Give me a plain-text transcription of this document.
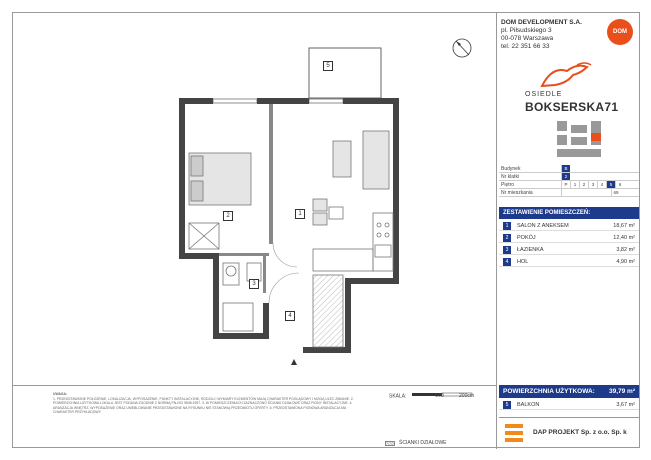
1
2
3
4
5
UWAGA:
1. PRZEDSTAWIONE POŁOŻENIE, LOKALIZACJA, WYPOSAŻENIE, PUNKTY INSTALACYJNE, RODZAJ I WYMIARY ELEMENTÓW MAJĄ CHARAKTER POGLĄDOWY I MOGĄ ULEC ZMIANIE. 2. POWIERZCHNIA UŻYTKOWA LOKALU JEST PODANA ZGODNIE Z NORMĄ PN-ISO 9836:1997. 3. W POMIESZCZENIACH ZAZNACZONO ŚCIANKI DZIAŁOWE ORAZ PIONY INSTALACYJNE. 4. ARANŻACJA WNĘTRZ, WYPOSAŻENIE ORAZ UMEBLOWANIE PRZEDSTAWIONE NA RYSUNKU NIE STANOWIĄ PRZEDMIOTU OFERTY. 5. PRZEDSTAWIONA PIONOWA ARANŻACJA MA CHARAKTER PRZYKŁADOWY.
ŚCIANKI DZIAŁOWE
SKALA:	100	200cm
DOM DEVELOPMENT S.A.
pl. Piłsudskiego 3
00-078 Warszawa
tel. 22 351 66 33
DOM
OSIEDLE
BOKSERSKA71
Budynek	B
Nr klatki	2
Piętro	P	1	2	3	4	5	6
Nr mieszkania	69
ZESTAWIENIE POMIESZCZEŃ:
1	SALON Z ANEKSEM	18,67 m²
2	POKÓJ	12,40 m²
3	ŁAZIENKA	3,82 m²
4	HOL	4,90 m²
POWIERZCHNIA UŻYTKOWA:	39,79 m²
5	BALKON	3,67 m²
DAP PROJEKT Sp. z o.o. Sp. k
